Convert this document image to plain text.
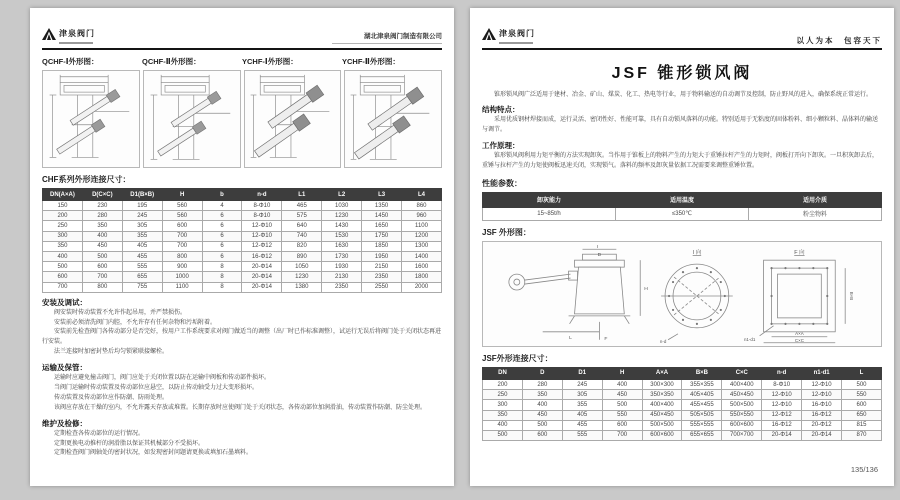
津泉阀门	湖北津泉阀门制造有限公司
QCHF-Ⅰ外形图：	QCHF-Ⅱ外形图：	YCHF-Ⅰ外形图：	YCHF-Ⅱ外形图：
CHF系列外形连接尺寸：
DN(A×A)	D(C×C)	D1(B×B)	H	b	n-d	L1	L2	L3	L4
150	230	195	560	4	8-Φ10	465	1030	1350	860
200	280	245	560	6	8-Φ10	575	1230	1450	960
250	350	305	600	6	12-Φ10	640	1430	1650	1100
300	400	355	700	6	12-Φ10	740	1530	1750	1200
350	450	405	700	6	12-Φ12	820	1630	1850	1300
400	500	455	800	6	16-Φ12	890	1730	1950	1400
500	600	555	900	8	20-Φ14	1050	1930	2150	1600
600	700	655	1000	8	20-Φ14	1230	2130	2350	1800
700	800	755	1100	8	20-Φ14	1380	2350	2550	2000
安装及调试：
阀安装时传动装置不允许作起吊用，并严禁损伤。
安装前必须清洗阀门内腔，不允许存有任何杂物和污垢附着。
安装前先检查阀门各传动部分是否完好，按用户工作系统要求对阀门做适当的调整（出厂时已作标准调整），试运行无误后将阀门处于关闭状态再进行安装。
法兰连接时加密封垫后均匀锁紧联接螺栓。
运输及保管：
运输时应避免撞击阀门，阀门应处于关闭位置以防在运输中阀板和传动部件损坏。
当阀门运输时传动装置及传动部位应悬空，以防止传动轴受力过大变形损坏。
传动装置及传动部位应作防潮、防雨处理。
该阀应存放在干燥的室内，不允许露天存放或堆置。长期存放时应使阀门处于关闭状态，各传动部位加润滑油，传动装置作防潮、防尘处理。
维护及检修：
定期检查各传动部位的运行情况。
定期更换电动推杆的润滑脂以保证其机械部分不受损坏。
定期检查阀门阀轴处的密封状况，如发现密封问题请更换或填加石墨填料。
津泉阀门
以人为本　包容天下
JSF 锥形锁风阀
锥形锁风阀广泛适用于建材、冶金、矿山、煤炭、化工、热电等行业，用于物料输送的自动调节及控制，防止野风的进入，确保系统正常运行。
结构特点：
采用优质钢材焊接而成，运行灵活、密闭性好、性能可靠，具有自动锁风落料的功能。特别适用于无粘度的固体粉料、细小颗粒料、晶体料的输送与调节。
工作原理：
锥形锁风阀利用力矩平衡的方法实现卸灰。当作用于锥板上的物料产生的力矩大于重锤拉杆产生的力矩时，阀板打开向下卸灰。一旦积灰卸去后，重锤与拉杆产生的力矩使阀板迅速关闭，实现锁气。落料的频率及卸灰量依据工况需要来调整重锤位置。
性能参数：
卸灰能力	适用温度	适用介质
15~85t/h	≤350℃	粉尘物料
JSF 外形图：
I
D
H
L	F
I 向
n-d
F 向
B×B
A×A
C×C
n1-d1
JSF外形连接尺寸：
DN	D	D1	H	A×A	B×B	C×C	n-d	n1-d1	L
200	280	245	400	300×300	355×355	400×400	8-Φ10	12-Φ10	500
250	350	305	450	350×350	405×405	450×450	12-Φ10	12-Φ10	550
300	400	355	500	400×400	455×455	500×500	12-Φ10	16-Φ10	600
350	450	405	550	450×450	505×505	550×550	12-Φ12	16-Φ12	650
400	500	455	600	500×500	555×555	600×600	16-Φ12	20-Φ12	815
500	600	555	700	600×600	655×655	700×700	20-Φ14	20-Φ14	870
135/136
